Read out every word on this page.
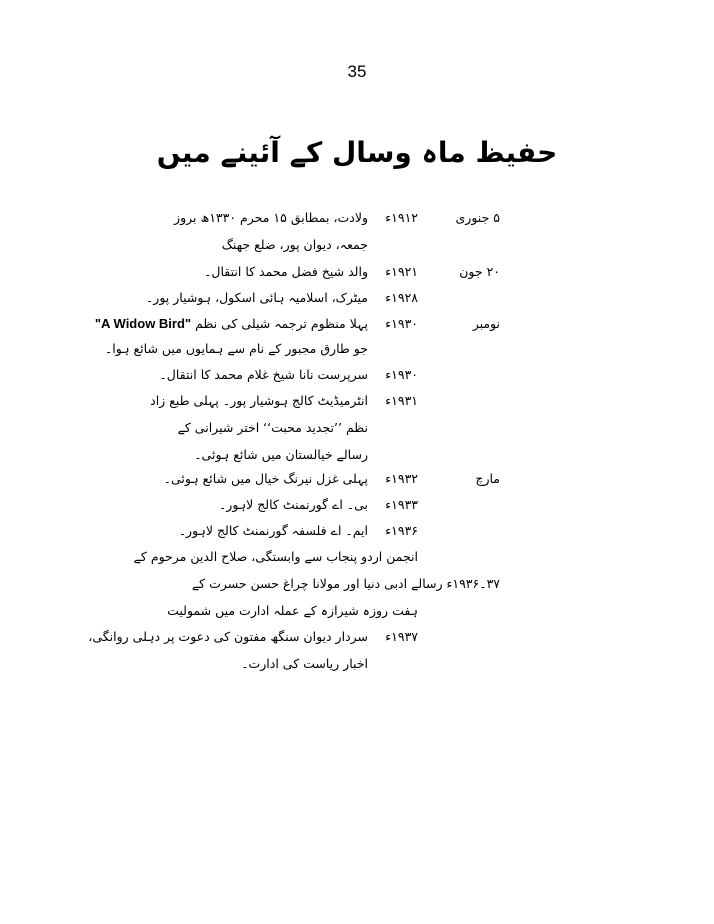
35
حفیظ ماہ وسال کے آئینے میں
۵ جنوری
۱۹۱۲ء
ولادت، بمطابق ۱۵ محرم ۱۳۳۰ھ بروز جمعہ، دیوان پور، ضلع جھنگ
۲۰ جون
۱۹۲۱ء
والد شیخ فضل محمد کا انتقال۔
۱۹۲۸ء
میٹرک، اسلامیہ ہائی اسکول، ہوشیار پور۔
نومبر
۱۹۳۰ء
پہلا منظوم ترجمہ شیلی کی نظم "A Widow Bird"
جو طارق مجبور کے نام سے ہمایوں میں شائع ہوا۔
۱۹۳۰ء
سرپرست نانا شیخ غلام محمد کا انتقال۔
۱۹۳۱ء
انٹرمیڈیٹ کالج ہوشیار پور۔ پہلی طبع زاد نظم ’’تجدید محبت‘‘ اختر شیرانی کے رسالے خیالستان میں شائع ہوئی۔
مارچ
۱۹۳۲ء
پہلی غزل نیرنگ خیال میں شائع ہوئی۔
۱۹۳۳ء
بی۔ اے گورنمنٹ کالج لاہور۔
۱۹۳۶ء
ایم۔ اے فلسفہ گورنمنٹ کالج لاہور۔
انجمن اردو پنجاب سے وابستگی، صلاح الدین مرحوم کے
۳۷۔۱۹۳۶ء رسالے ادبی دنیا اور مولانا چراغ حسن حسرت کے
ہفت روزہ شیرازہ کے عملہ ادارت میں شمولیت
۱۹۳۷ء
سردار دیوان سنگھ مفتون کی دعوت پر دہلی روانگی،
اخبار ریاست کی ادارت۔
